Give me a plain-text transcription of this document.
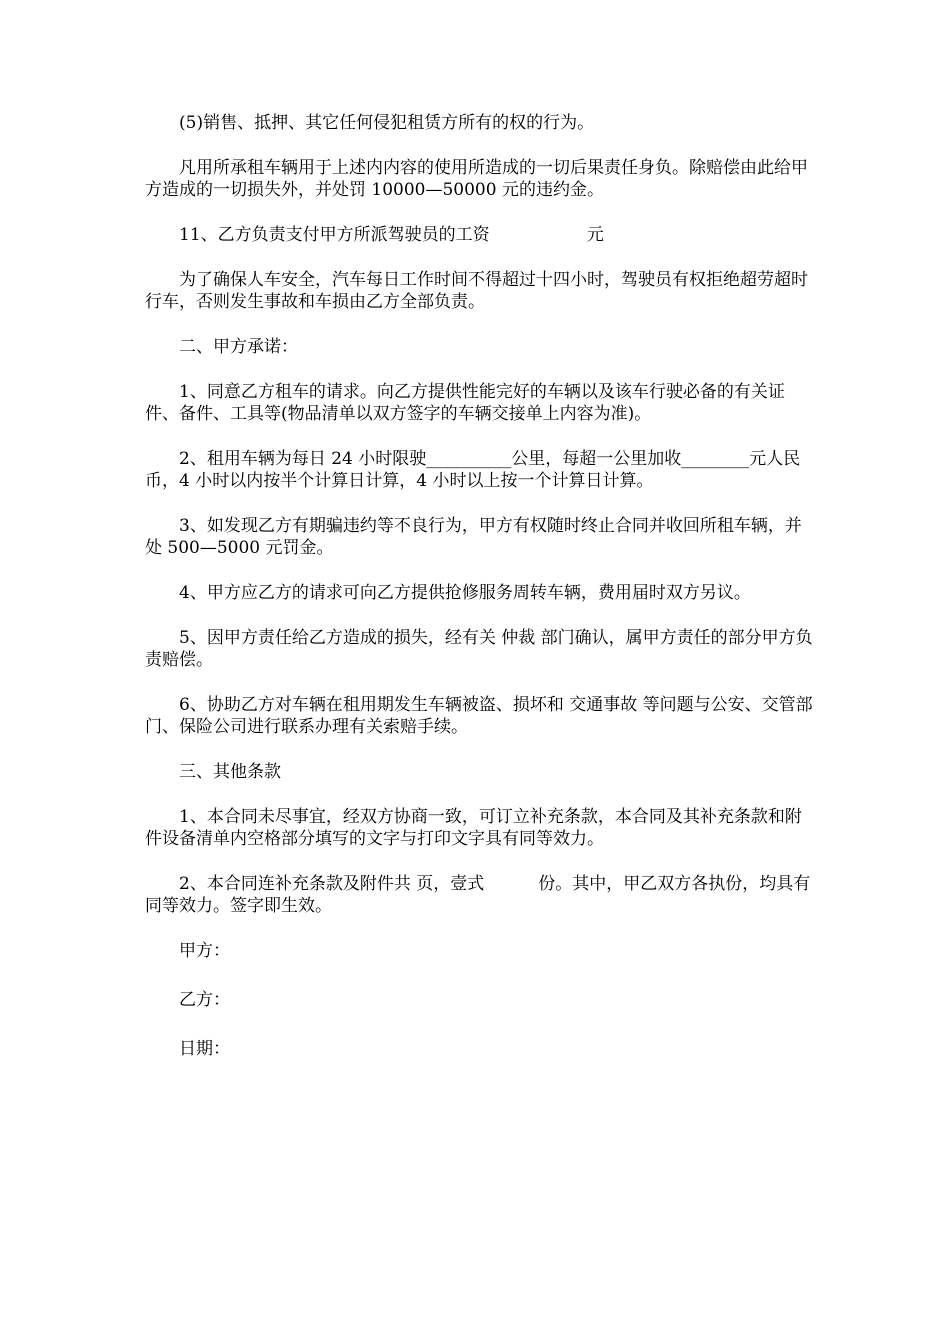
(5)销售、抵押、其它任何侵犯租赁方所有的权的行为。

凡用所承租车辆用于上述内内容的使用所造成的一切后果责任身负。除赔偿由此给甲方造成的一切损失外，并处罚 10000—50000 元的违约金。

11、乙方负责支付甲方所派驾驶员的工资                  元

为了确保人车安全，汽车每日工作时间不得超过十四小时，驾驶员有权拒绝超劳超时行车，否则发生事故和车损由乙方全部负责。

二、甲方承诺：

1、同意乙方租车的请求。向乙方提供性能完好的车辆以及该车行驶必备的有关证件、备件、工具等(物品清单以双方签字的车辆交接单上内容为准)。

2、租用车辆为每日 24 小时限驶__________公里，每超一公里加收________元人民币，4 小时以内按半个计算日计算，4 小时以上按一个计算日计算。

3、如发现乙方有期骗违约等不良行为，甲方有权随时终止合同并收回所租车辆，并处 500—5000 元罚金。

4、甲方应乙方的请求可向乙方提供抢修服务周转车辆，费用届时双方另议。

5、因甲方责任给乙方造成的损失，经有关 仲裁 部门确认，属甲方责任的部分甲方负责赔偿。

6、协助乙方对车辆在租用期发生车辆被盗、损坏和 交通事故 等问题与公安、交管部门、保险公司进行联系办理有关索赔手续。

三、其他条款

1、本合同未尽事宜，经双方协商一致，可订立补充条款，本合同及其补充条款和附件设备清单内空格部分填写的文字与打印文字具有同等效力。

2、本合同连补充条款及附件共 页，壹式          份。其中，甲乙双方各执份，均具有同等效力。签字即生效。

甲方：

乙方：

日期：
